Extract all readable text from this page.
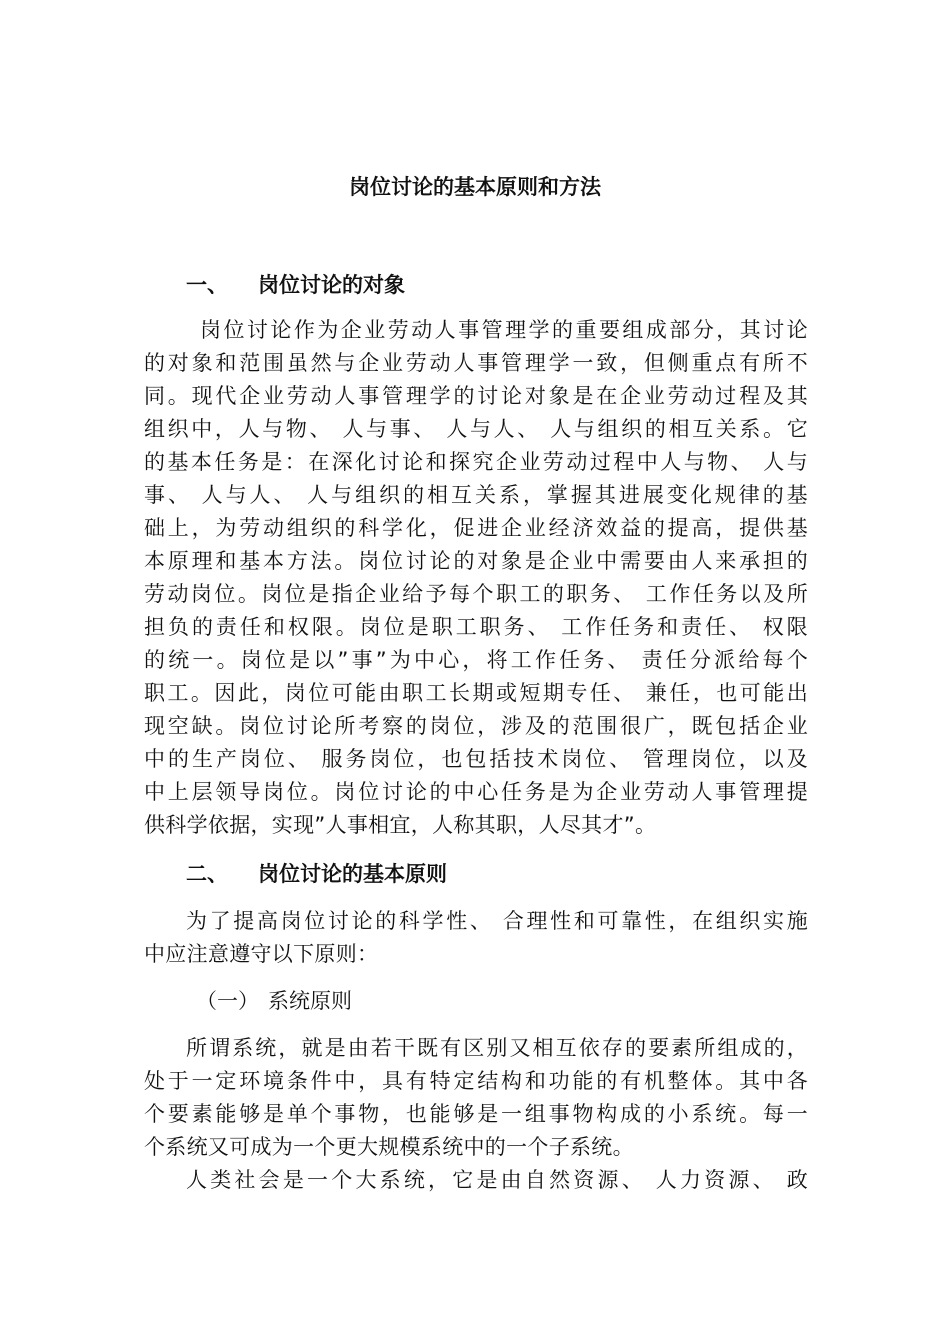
岗位讨论的基本原则和方法
一、 岗位讨论的对象
岗位讨论作为企业劳动人事管理学的重要组成部分，其讨论
的对象和范围虽然与企业劳动人事管理学一致，但侧重点有所不
同。现代企业劳动人事管理学的讨论对象是在企业劳动过程及其
组织中，人与物、 人与事、 人与人、 人与组织的相互关系。它
的基本任务是：在深化讨论和探究企业劳动过程中人与物、 人与
事、 人与人、 人与组织的相互关系，掌握其进展变化规律的基
础上，为劳动组织的科学化，促进企业经济效益的提高，提供基
本原理和基本方法。岗位讨论的对象是企业中需要由人来承担的
劳动岗位。岗位是指企业给予每个职工的职务、 工作任务以及所
担负的责任和权限。岗位是职工职务、 工作任务和责任、 权限
的统一。岗位是以”事”为中心，将工作任务、 责任分派给每个
职工。因此，岗位可能由职工长期或短期专任、 兼任，也可能出
现空缺。岗位讨论所考察的岗位，涉及的范围很广，既包括企业
中的生产岗位、 服务岗位，也包括技术岗位、 管理岗位，以及
中上层领导岗位。岗位讨论的中心任务是为企业劳动人事管理提
供科学依据，实现”人事相宜，人称其职，人尽其才”。
二、 岗位讨论的基本原则
为了提高岗位讨论的科学性、 合理性和可靠性，在组织实施
中应注意遵守以下原则：
（一） 系统原则
所谓系统，就是由若干既有区别又相互依存的要素所组成的，
处于一定环境条件中，具有特定结构和功能的有机整体。其中各
个要素能够是单个事物，也能够是一组事物构成的小系统。每一
个系统又可成为一个更大规模系统中的一个子系统。
人类社会是一个大系统，它是由自然资源、 人力资源、 政
